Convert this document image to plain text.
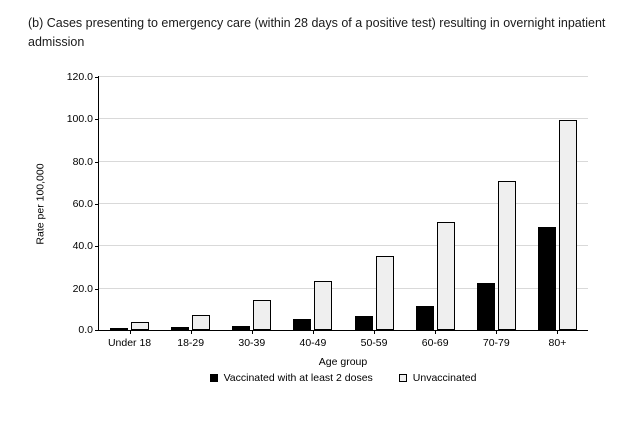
(b) Cases presenting to emergency care (within 28 days of a positive test) resulting in overnight inpatient admission
Rate per 100,000
120.0
100.0
80.0
60.0
40.0
20.0
0.0
Under 18	18-29	30-39	40-49	50-59	60-69	70-79	80+
Age group
Vaccinated with at least 2 doses	Unvaccinated
